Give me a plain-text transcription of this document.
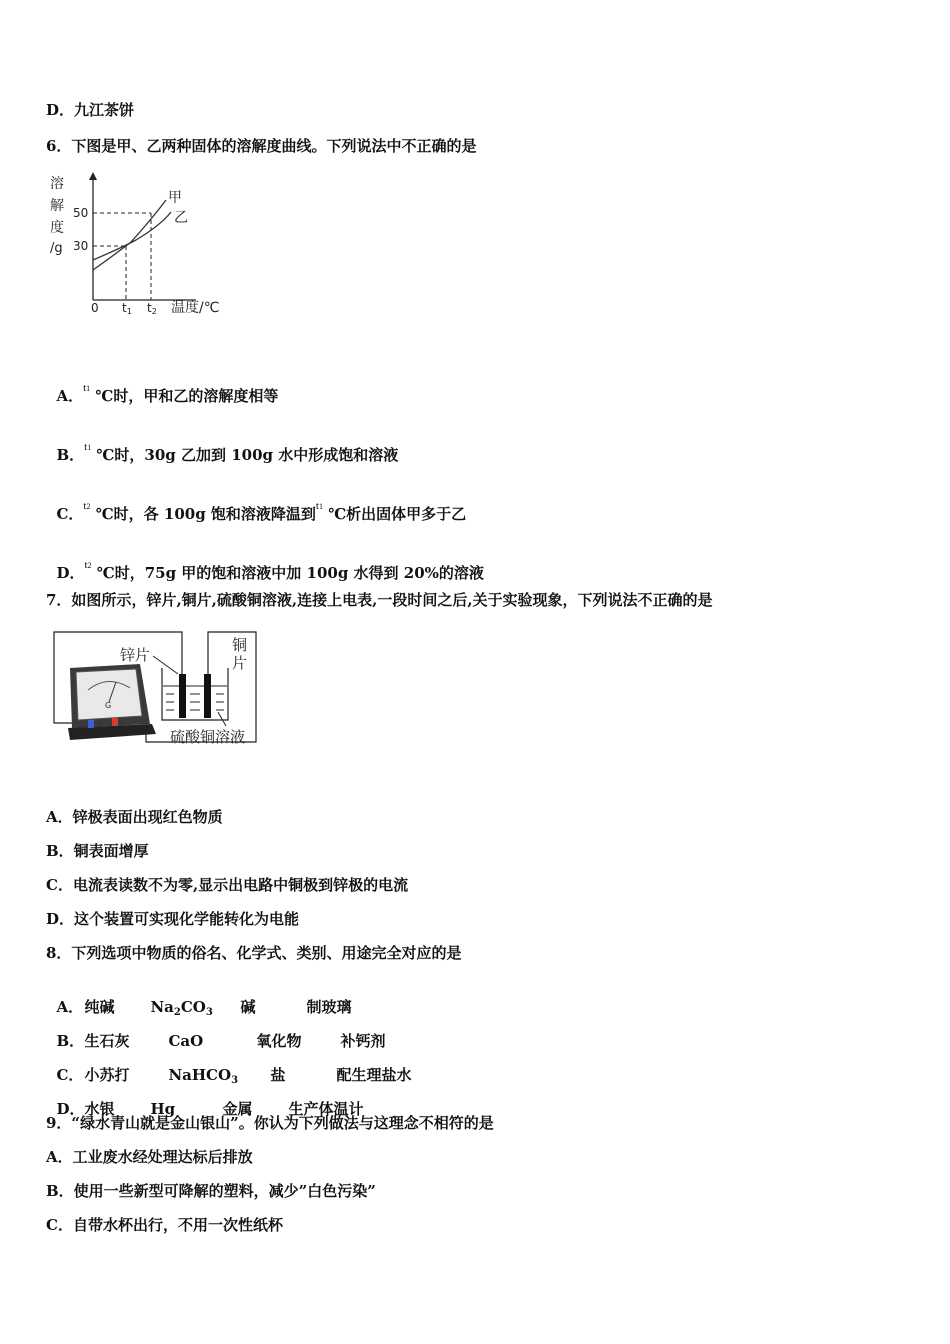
D．九江茶饼
6．下图是甲、乙两种固体的溶解度曲线。下列说法中不正确的是
溶
解
度
/g
50
30
甲
乙
0 t1 t2 温度/℃

A．$^{t1}$ ℃时，甲和乙的溶解度相等

B．$^{t1}$ ℃时，30g 乙加到 100g 水中形成饱和溶液

C．$^{t2}$ ℃时，各 100g 饱和溶液降温到$^{t1}$ ℃析出固体甲多于乙

D．$^{t2}$ ℃时，75g 甲的饱和溶液中加 100g 水得到 20%的溶液

7．如图所示，锌片,铜片,硫酸铜溶液,连接上电表,一段时间之后,关于实验现象，下列说法不正确的是
G
锌片
铜
片
硫酸铜溶液
A．锌极表面出现红色物质
B．铜表面增厚
C．电流表读数不为零,显示出电路中铜极到锌极的电流
D．这个装置可实现化学能转化为电能
8．下列选项中物质的俗名、化学式、类别、用途完全对应的是

A．纯碱 Na2CO3 碱	制玻璃

B．生石灰	CaO	氧化物	补钙剂

C．小苏打	NaHCO3 盐	配生理盐水

D．水银 Hg	金属 生产体温计

9．“绿水青山就是金山银山”。你认为下列做法与这理念不相符的是
A．工业废水经处理达标后排放
B．使用一些新型可降解的塑料，减少”白色污染”
C．自带水杯出行，不用一次性纸杯
